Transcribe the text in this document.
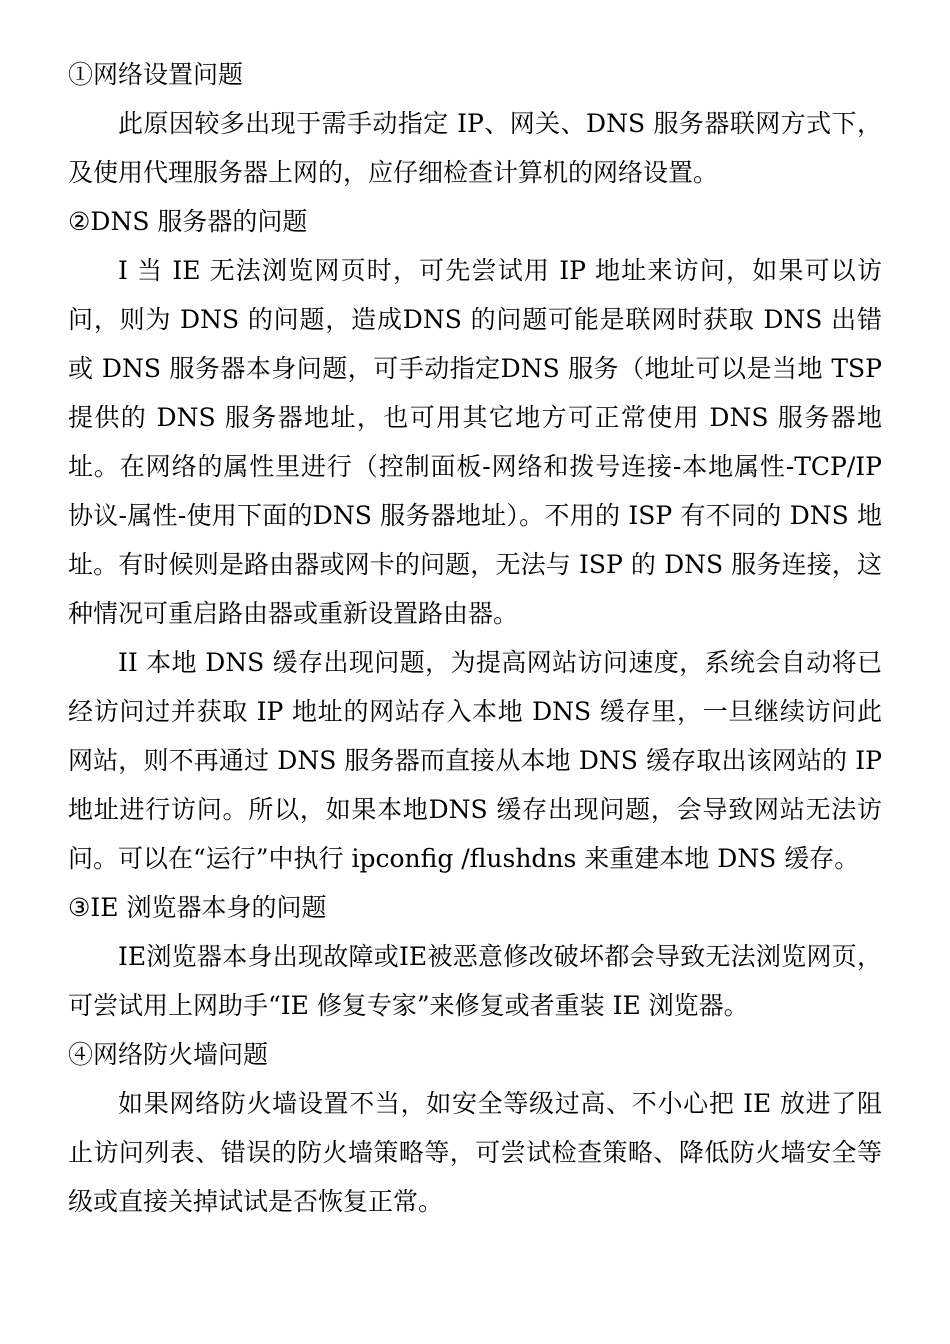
①网络设置问题

此原因较多出现于需手动指定 IP、网关、DNS 服务器联网方式下，及使用代理服务器上网的，应仔细检查计算机的网络设置。

②DNS 服务器的问题

I 当 IE 无法浏览网页时，可先尝试用 IP 地址来访问，如果可以访问，则为 DNS 的问题，造成DNS 的问题可能是联网时获取 DNS 出错或 DNS 服务器本身问题，可手动指定DNS 服务（地址可以是当地 TSP 提供的 DNS 服务器地址，也可用其它地方可正常使用 DNS 服务器地址。在网络的属性里进行（控制面板-网络和拨号连接-本地属性-TCP/IP 协议-属性-使用下面的DNS 服务器地址）。不用的 ISP 有不同的 DNS 地址。有时候则是路由器或网卡的问题，无法与 ISP 的 DNS 服务连接，这种情况可重启路由器或重新设置路由器。

II 本地 DNS 缓存出现问题，为提高网站访问速度，系统会自动将已经访问过并获取 IP 地址的网站存入本地 DNS 缓存里，一旦继续访问此网站，则不再通过 DNS 服务器而直接从本地 DNS 缓存取出该网站的 IP 地址进行访问。所以，如果本地DNS 缓存出现问题，会导致网站无法访问。可以在“运行”中执行 ipconfig /flushdns 来重建本地 DNS 缓存。

③IE 浏览器本身的问题

IE浏览器本身出现故障或IE被恶意修改破坏都会导致无法浏览网页，可尝试用上网助手“IE 修复专家”来修复或者重装 IE 浏览器。

④网络防火墙问题

如果网络防火墙设置不当，如安全等级过高、不小心把 IE 放进了阻止访问列表、错误的防火墙策略等，可尝试检查策略、降低防火墙安全等级或直接关掉试试是否恢复正常。
